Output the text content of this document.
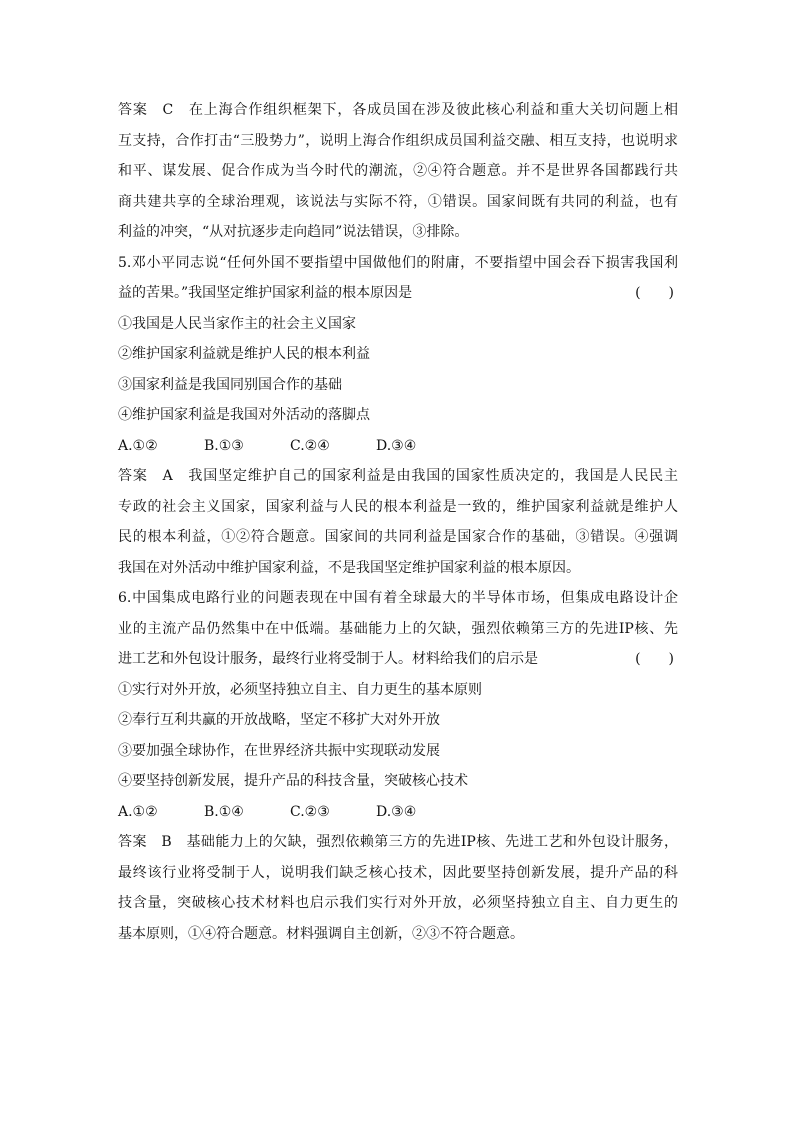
答案　C　在上海合作组织框架下，各成员国在涉及彼此核心利益和重大关切问题上相
互支持，合作打击“三股势力”，说明上海合作组织成员国利益交融、相互支持，也说明求
和平、谋发展、促合作成为当今时代的潮流，②④符合题意。并不是世界各国都践行共
商共建共享的全球治理观，该说法与实际不符，①错误。国家间既有共同的利益，也有
利益的冲突，“从对抗逐步走向趋同”说法错误，③排除。
5.邓小平同志说“任何外国不要指望中国做他们的附庸，不要指望中国会吞下损害我国利
益的苦果。”我国坚定维护国家利益的根本原因是	(　　)
①我国是人民当家作主的社会主义国家
②维护国家利益就是维护人民的根本利益
③国家利益是我国同别国合作的基础
④维护国家利益是我国对外活动的落脚点
A.①②	B.①③	C.②④	D.③④
答案　A　我国坚定维护自己的国家利益是由我国的国家性质决定的，我国是人民民主
专政的社会主义国家，国家利益与人民的根本利益是一致的，维护国家利益就是维护人
民的根本利益，①②符合题意。国家间的共同利益是国家合作的基础，③错误。④强调
我国在对外活动中维护国家利益，不是我国坚定维护国家利益的根本原因。
6.中国集成电路行业的问题表现在中国有着全球最大的半导体市场，但集成电路设计企
业的主流产品仍然集中在中低端。基础能力上的欠缺，强烈依赖第三方的先进IP核、先
进工艺和外包设计服务，最终行业将受制于人。材料给我们的启示是	(　　)
①实行对外开放，必须坚持独立自主、自力更生的基本原则
②奉行互利共赢的开放战略，坚定不移扩大对外开放
③要加强全球协作，在世界经济共振中实现联动发展
④要坚持创新发展，提升产品的科技含量，突破核心技术
A.①②	B.①④	C.②③	D.③④
答案　B　基础能力上的欠缺，强烈依赖第三方的先进IP核、先进工艺和外包设计服务，
最终该行业将受制于人，说明我们缺乏核心技术，因此要坚持创新发展，提升产品的科
技含量，突破核心技术材料也启示我们实行对外开放，必须坚持独立自主、自力更生的
基本原则，①④符合题意。材料强调自主创新，②③不符合题意。
